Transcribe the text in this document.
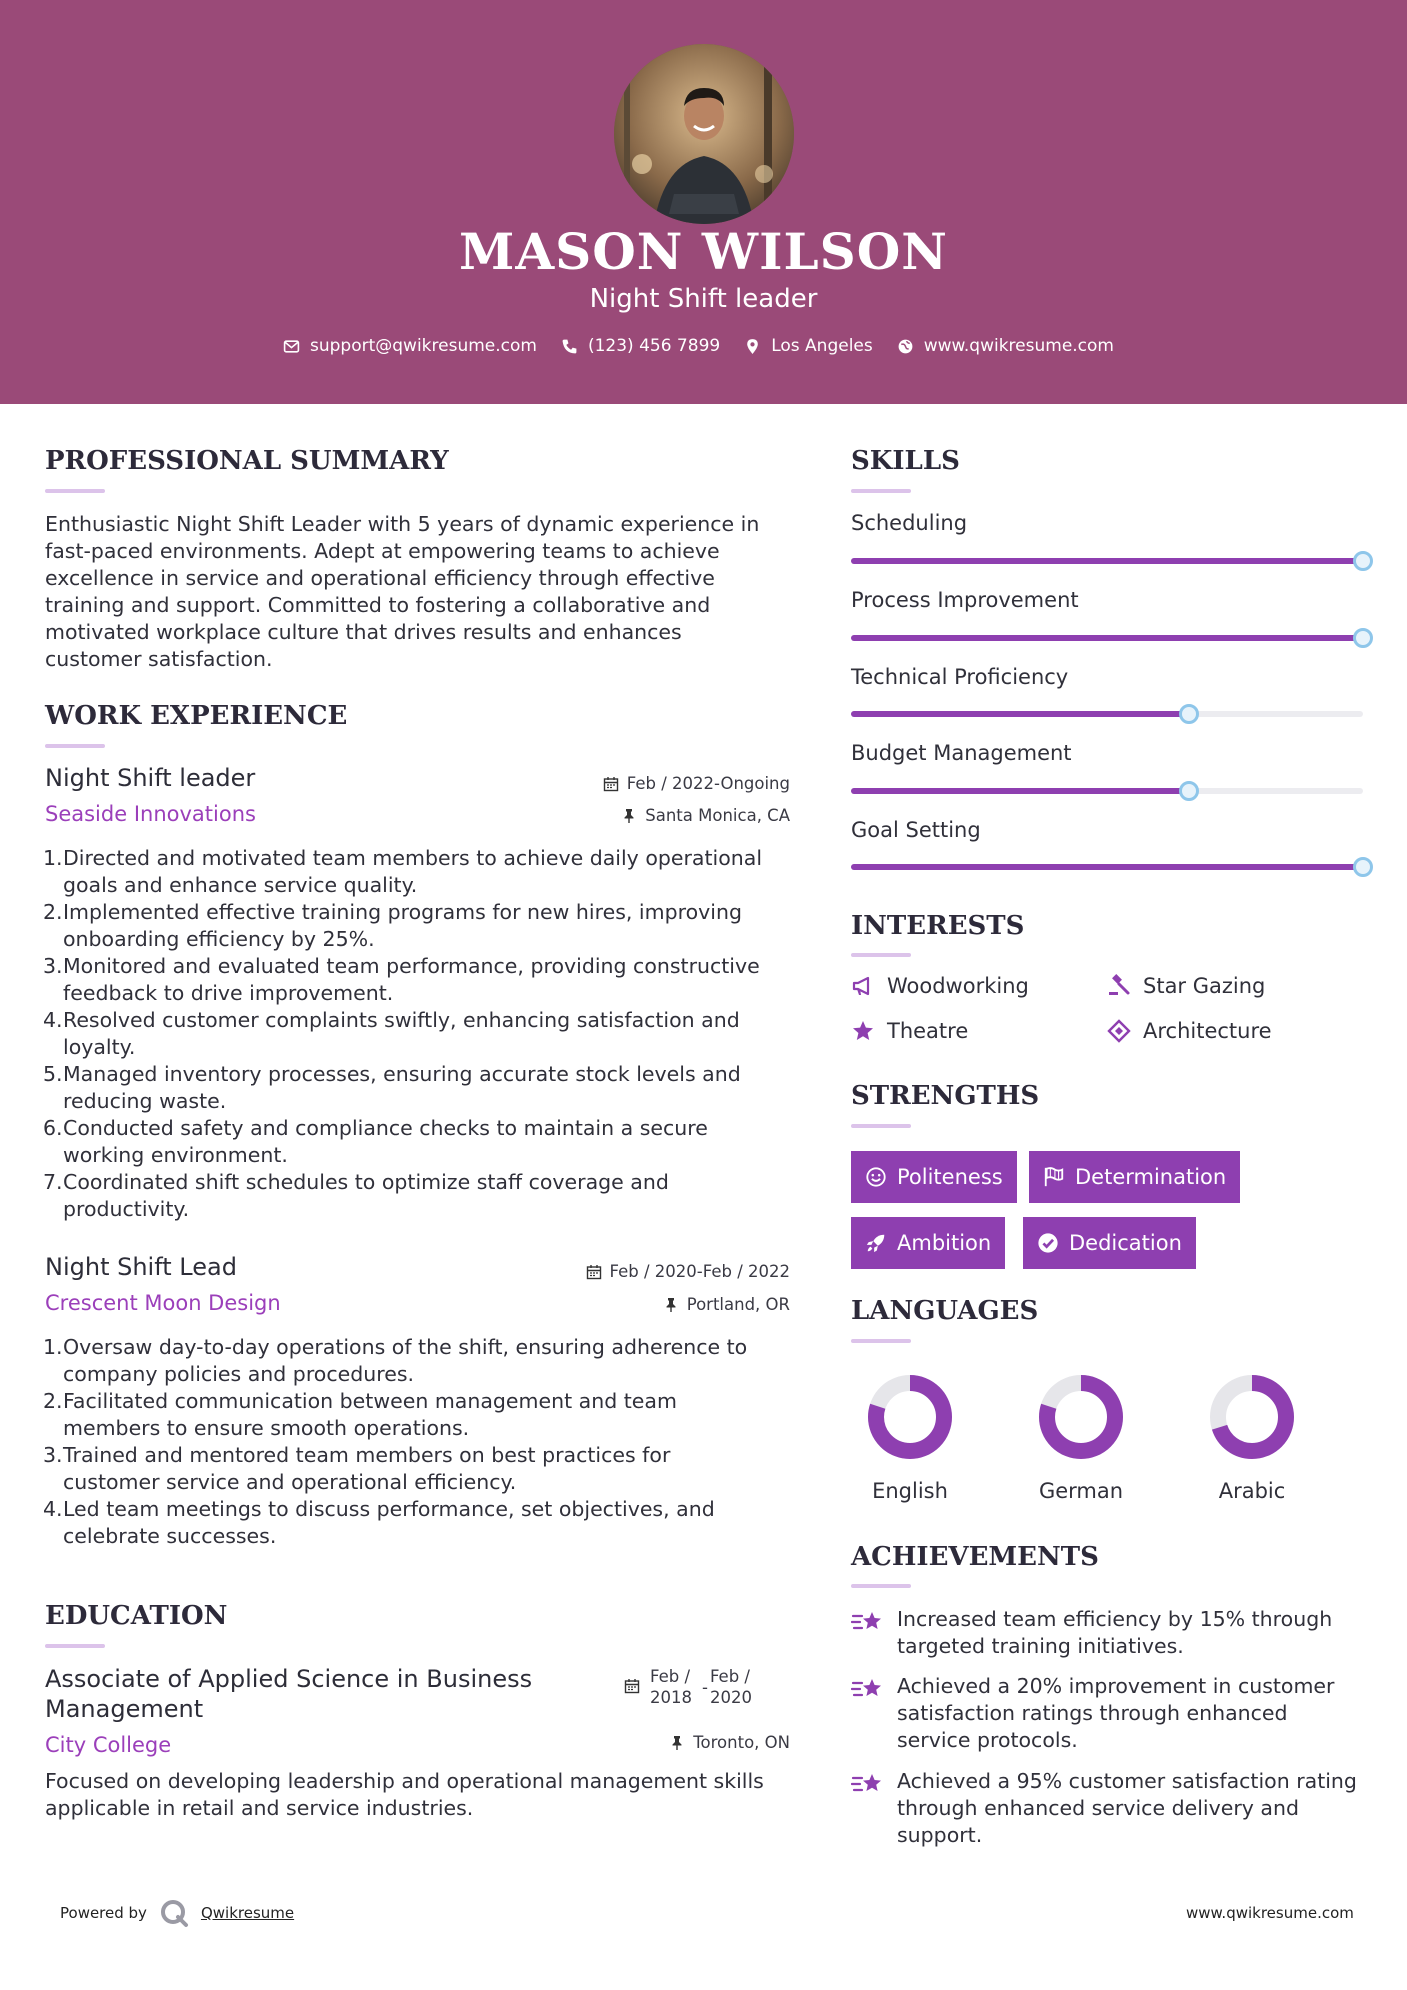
MASON WILSON
Night Shift leader
support@qwikresume.com	(123) 456 7899	Los Angeles	www.qwikresume.com
PROFESSIONAL SUMMARY
Enthusiastic Night Shift Leader with 5 years of dynamic experience in
fast-paced environments. Adept at empowering teams to achieve
excellence in service and operational efficiency through effective
training and support. Committed to fostering a collaborative and
motivated workplace culture that drives results and enhances
customer satisfaction.
WORK EXPERIENCE
Night Shift leader
Seaside Innovations
Feb / 2022-Ongoing
Santa Monica, CA
1. Directed and motivated team members to achieve daily operational
goals and enhance service quality.
2. Implemented effective training programs for new hires, improving
onboarding efficiency by 25%.
3. Monitored and evaluated team performance, providing constructive
feedback to drive improvement.
4. Resolved customer complaints swiftly, enhancing satisfaction and
loyalty.
5. Managed inventory processes, ensuring accurate stock levels and
reducing waste.
6. Conducted safety and compliance checks to maintain a secure
working environment.
7. Coordinated shift schedules to optimize staff coverage and
productivity.
Night Shift Lead
Crescent Moon Design
Feb / 2020-Feb / 2022
Portland, OR
1. Oversaw day-to-day operations of the shift, ensuring adherence to
company policies and procedures.
2. Facilitated communication between management and team
members to ensure smooth operations.
3. Trained and mentored team members on best practices for
customer service and operational efficiency.
4. Led team meetings to discuss performance, set objectives, and
celebrate successes.
EDUCATION
Associate of Applied Science in Business
Management
City College
Feb /
2018
-
Feb /
2020
Toronto, ON
Focused on developing leadership and operational management skills
applicable in retail and service industries.
SKILLS
Scheduling
Process Improvement
Technical Proficiency
Budget Management
Goal Setting
INTERESTS
Woodworking	Star Gazing
Theatre	Architecture
STRENGTHS
Politeness	Determination
Ambition	Dedication
LANGUAGES
English	German	Arabic
ACHIEVEMENTS
Increased team efficiency by 15% through
targeted training initiatives.
Achieved a 20% improvement in customer
satisfaction ratings through enhanced
service protocols.
Achieved a 95% customer satisfaction rating
through enhanced service delivery and
support.
Powered by	Qwikresume	www.qwikresume.com
